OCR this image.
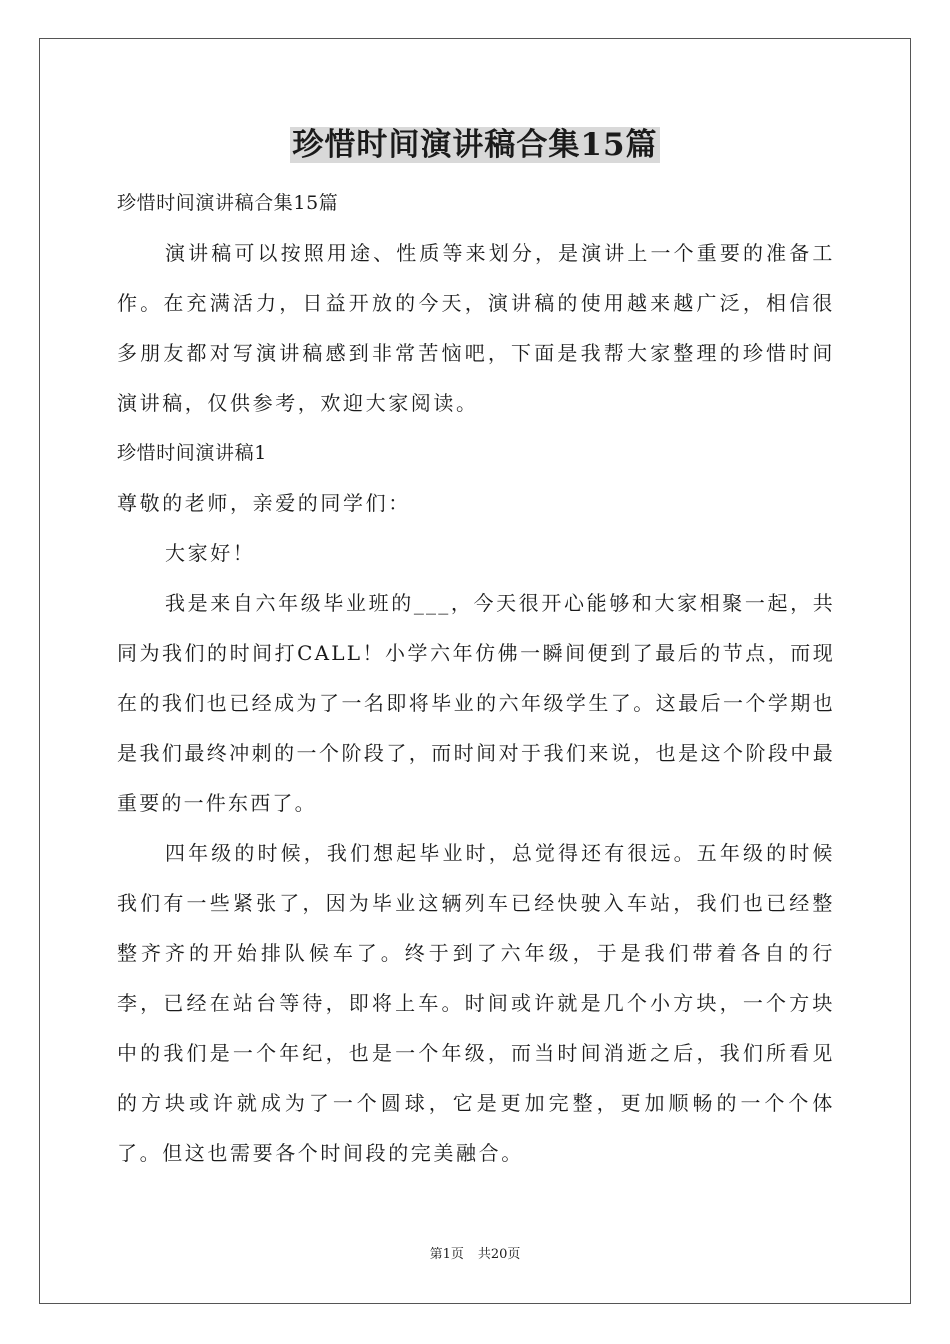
珍惜时间演讲稿合集15篇
珍惜时间演讲稿合集15篇

演讲稿可以按照用途、性质等来划分，是演讲上一个重要的准备工作。在充满活力，日益开放的今天，演讲稿的使用越来越广泛，相信很多朋友都对写演讲稿感到非常苦恼吧，下面是我帮大家整理的珍惜时间演讲稿，仅供参考，欢迎大家阅读。

珍惜时间演讲稿1
尊敬的老师，亲爱的同学们：

大家好！

我是来自六年级毕业班的___，今天很开心能够和大家相聚一起，共同为我们的时间打CALL！小学六年仿佛一瞬间便到了最后的节点，而现在的我们也已经成为了一名即将毕业的六年级学生了。这最后一个学期也是我们最终冲刺的一个阶段了，而时间对于我们来说，也是这个阶段中最重要的一件东西了。

四年级的时候，我们想起毕业时，总觉得还有很远。五年级的时候我们有一些紧张了，因为毕业这辆列车已经快驶入车站，我们也已经整整齐齐的开始排队候车了。终于到了六年级，于是我们带着各自的行李，已经在站台等待，即将上车。时间或许就是几个小方块，一个方块中的我们是一个年纪，也是一个年级，而当时间消逝之后，我们所看见的方块或许就成为了一个圆球，它是更加完整，更加顺畅的一个个体了。但这也需要各个时间段的完美融合。

第1页 共20页
